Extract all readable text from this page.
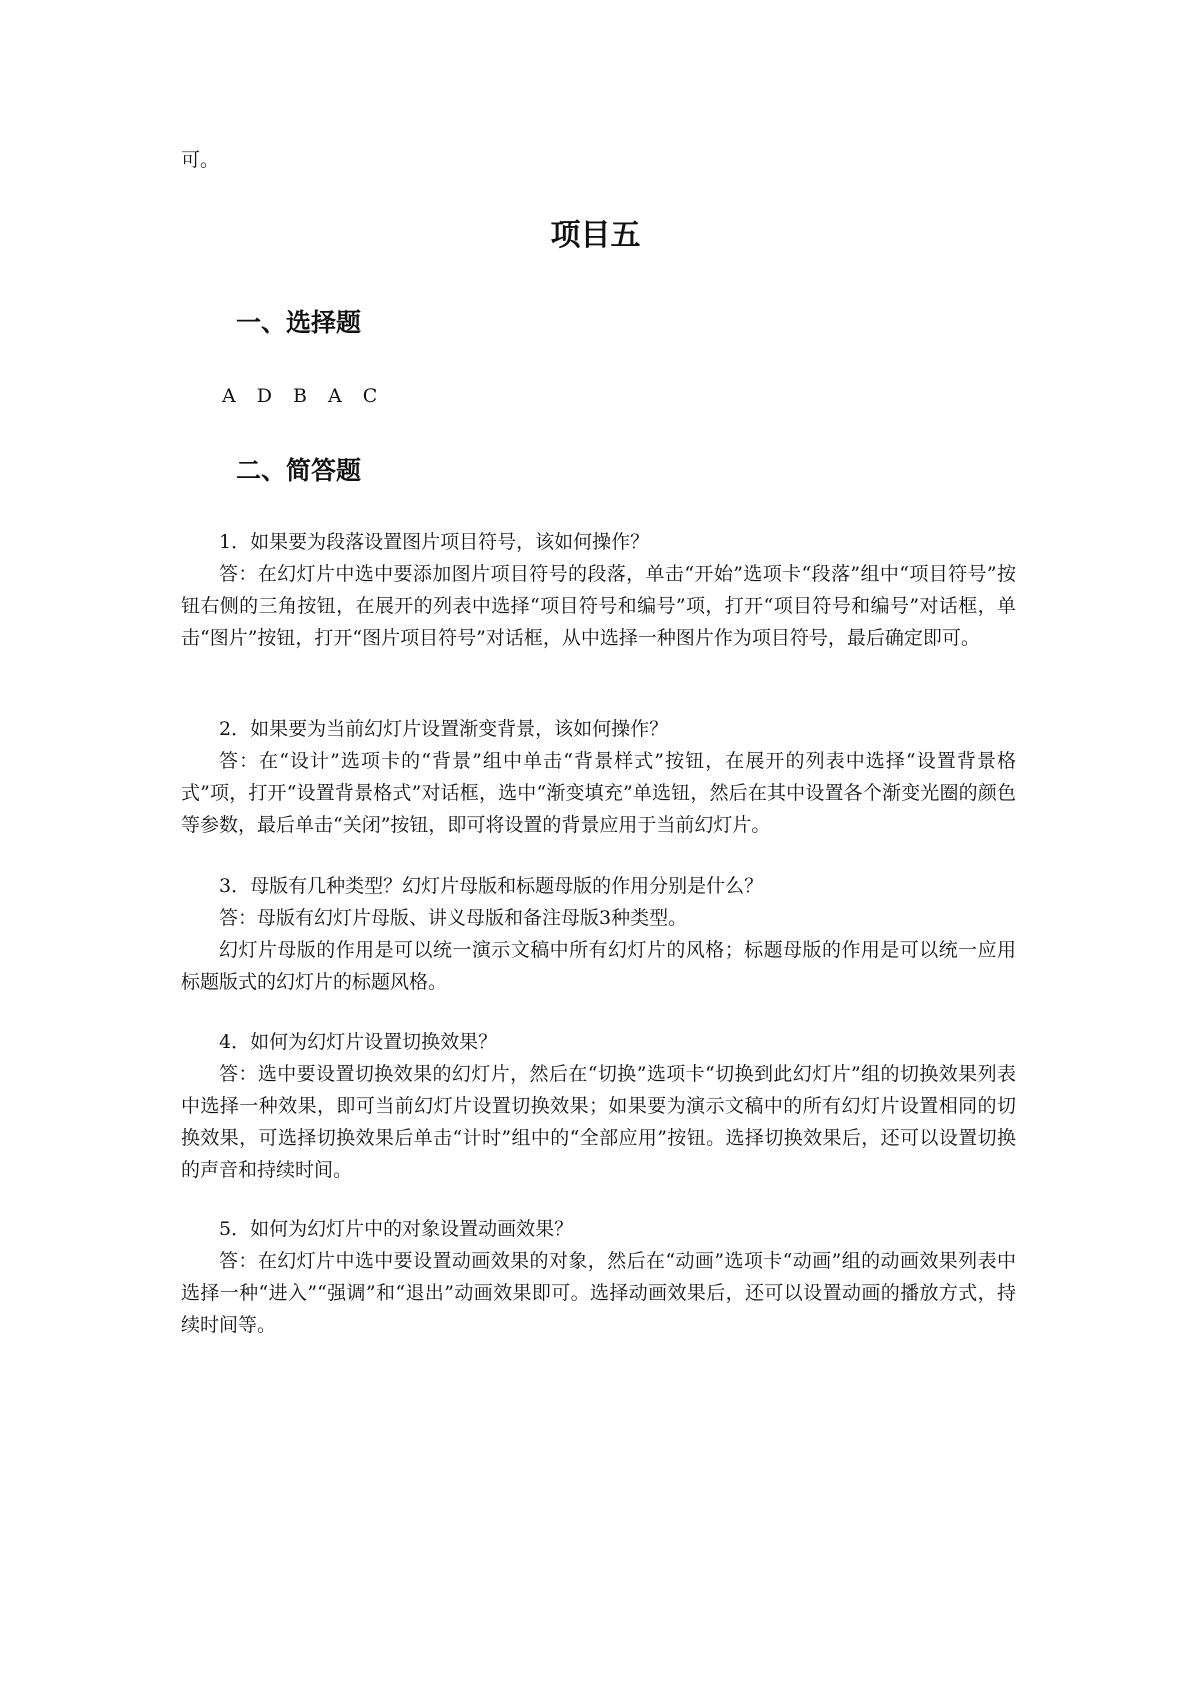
可。
项目五
一、选择题
A D B A C
二、简答题

1．如果要为段落设置图片项目符号，该如何操作？

答：在幻灯片中选中要添加图片项目符号的段落，单击“开始”选项卡“段落”组中“项目符号”按钮右侧的三角按钮，在展开的列表中选择“项目符号和编号”项，打开“项目符号和编号”对话框，单击“图片”按钮，打开“图片项目符号”对话框，从中选择一种图片作为项目符号，最后确定即可。

2．如果要为当前幻灯片设置渐变背景，该如何操作？

答：在“设计”选项卡的“背景”组中单击“背景样式”按钮，在展开的列表中选择“设置背景格式”项，打开“设置背景格式”对话框，选中“渐变填充”单选钮，然后在其中设置各个渐变光圈的颜色等参数，最后单击“关闭”按钮，即可将设置的背景应用于当前幻灯片。

3．母版有几种类型？幻灯片母版和标题母版的作用分别是什么？

答：母版有幻灯片母版、讲义母版和备注母版3种类型。

幻灯片母版的作用是可以统一演示文稿中所有幻灯片的风格；标题母版的作用是可以统一应用标题版式的幻灯片的标题风格。

4．如何为幻灯片设置切换效果？

答：选中要设置切换效果的幻灯片，然后在“切换”选项卡“切换到此幻灯片”组的切换效果列表中选择一种效果，即可当前幻灯片设置切换效果；如果要为演示文稿中的所有幻灯片设置相同的切换效果，可选择切换效果后单击“计时”组中的“全部应用”按钮。选择切换效果后，还可以设置切换的声音和持续时间。

5．如何为幻灯片中的对象设置动画效果？

答：在幻灯片中选中要设置动画效果的对象，然后在“动画”选项卡“动画”组的动画效果列表中选择一种“进入”“强调”和“退出”动画效果即可。选择动画效果后，还可以设置动画的播放方式，持续时间等。
